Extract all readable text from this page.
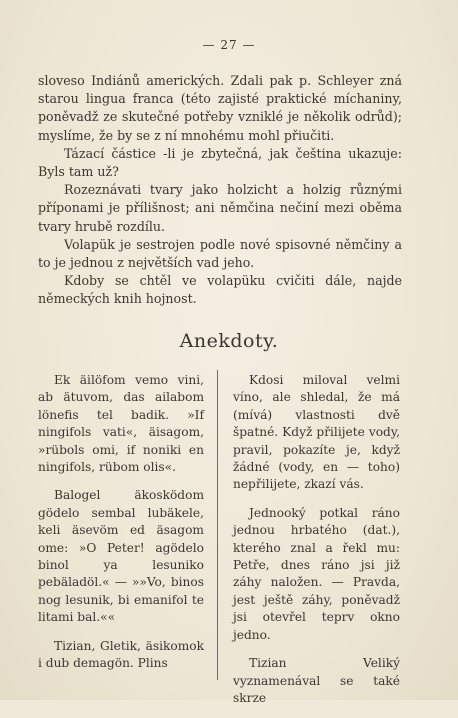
— 27 —

sloveso Indiánů amerických. Zdali pak p. Schleyer zná starou lingua franca (této zajisté praktické míchaniny, poněvadž ze skutečné potřeby vzniklé je několik odrůd); myslíme, že by se z ní mnohému mohl přiučiti.

Tázací částice -li je zbytečná, jak čeština ukazuje: Byls tam už?

Rozeznávati tvary jako holzicht a holzig různými příponami je přílišnost; ani němčina nečiní mezi oběma tvary hrubě rozdílu.

Volapük je sestrojen podle nové spisovné němčiny a to je jednou z největších vad jeho.

Kdoby se chtěl ve volapüku cvičiti dále, najde německých knih hojnost.

Anekdoty.

Ek äilöfom vemo vini, ab ätuvom, das ailabom lönefis tel badik. »If ningifols vati«, äisagom, »rübols omi, if noniki en ningifols, rübom olis«.

Balogel äkosködom gödelo sembal lubäkele, keli äsevöm ed äsagom ome: »O Peter! agödelo binol ya lesuniko pebäladöl.« — »»Vo, binos nog lesunik, bi emanifol te litami bal.««

Tizian, Gletik, äsikomok i dub demagön. Plins

Kdosi miloval velmi víno, ale shledal, že má (mívá) vlastnosti dvě špatné. Když přilijete vody, pravil, pokazíte je, když žádné (vody, en — toho) nepřilijete, zkazí vás.

Jednooký potkal ráno jednou hrbatého (dat.), kterého znal a řekl mu: Petře, dnes ráno jsi již záhy naložen. — Pravda, jest ještě záhy, poněvadž jsi otevřel teprv okno jedno.

Tizian Veliký vyznamenával se také skrze
